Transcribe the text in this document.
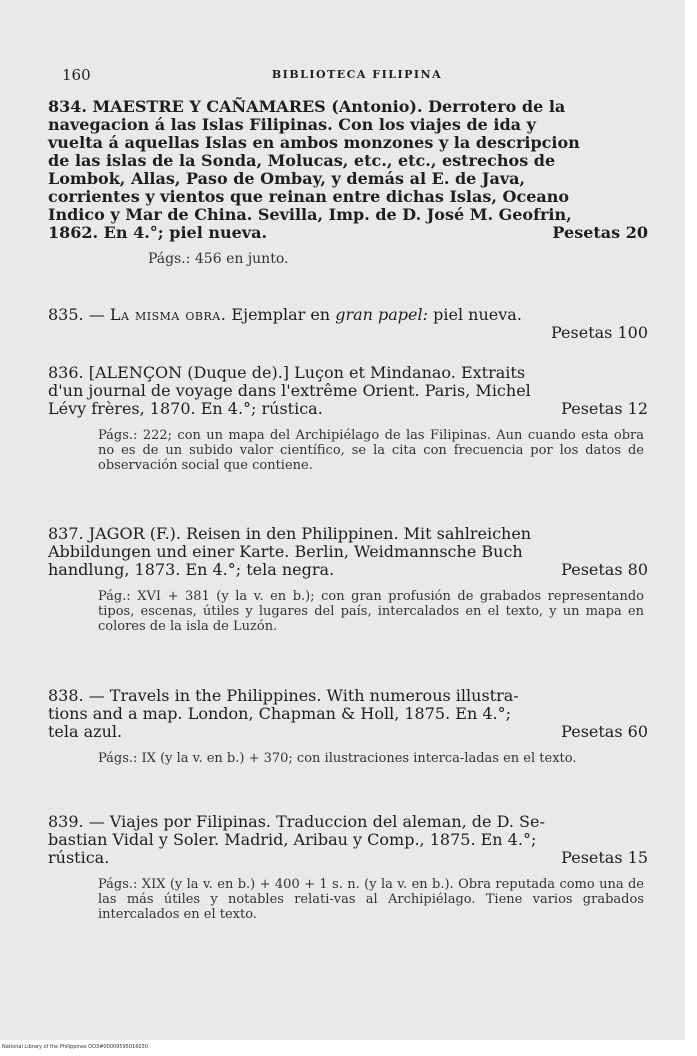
160	BIBLIOTECA FILIPINA
834. MAESTRE Y CAÑAMARES (Antonio). Derrotero de la
navegacion á las Islas Filipinas. Con los viajes de ida y
vuelta á aquellas Islas en ambos monzones y la descripcion
de las islas de la Sonda, Molucas, etc., etc., estrechos de
Lombok, Allas, Paso de Ombay, y demás al E. de Java,
corrientes y vientos que reinan entre dichas Islas, Oceano
Indico y Mar de China. Sevilla, Imp. de D. José M. Geofrin,
1862. En 4.°; piel nueva.	Pesetas 20
Págs.: 456 en junto.
835. — La misma obra. Ejemplar en gran papel: piel nueva.
Pesetas 100
836. [ALENÇON (Duque de).] Luçon et Mindanao. Extraits
d'un journal de voyage dans l'extrême Orient. Paris, Michel
Lévy frères, 1870. En 4.°; rústica.	Pesetas 12
Págs.: 222; con un mapa del Archipiélago de las Filipinas. Aun cuando esta obra no es de un subido valor científico, se la cita con frecuencia por los datos de observación social que contiene.
837. JAGOR (F.). Reisen in den Philippinen. Mit sahlreichen
Abbildungen und einer Karte. Berlin, Weidmannsche Buch
handlung, 1873. En 4.°; tela negra.	Pesetas 80
Pág.: XVI + 381 (y la v. en b.); con gran profusión de grabados representando tipos, escenas, útiles y lugares del país, intercalados en el texto, y un mapa en colores de la isla de Luzón.
838. — Travels in the Philippines. With numerous illustra-
tions and a map. London, Chapman & Holl, 1875. En 4.°;
tela azul.	Pesetas 60
Págs.: IX (y la v. en b.) + 370; con ilustraciones interca-ladas en el texto.
839. — Viajes por Filipinas. Traduccion del aleman, de D. Se-
bastian Vidal y Soler. Madrid, Aribau y Comp., 1875. En 4.°;
rústica.	Pesetas 15
Págs.: XIX (y la v. en b.) + 400 + 1 s. n. (y la v. en b.). Obra reputada como una de las más útiles y notables relati-vas al Archipiélago. Tiene varios grabados intercalados en el texto.
National Library of the Philippines DO3#00009595016030
